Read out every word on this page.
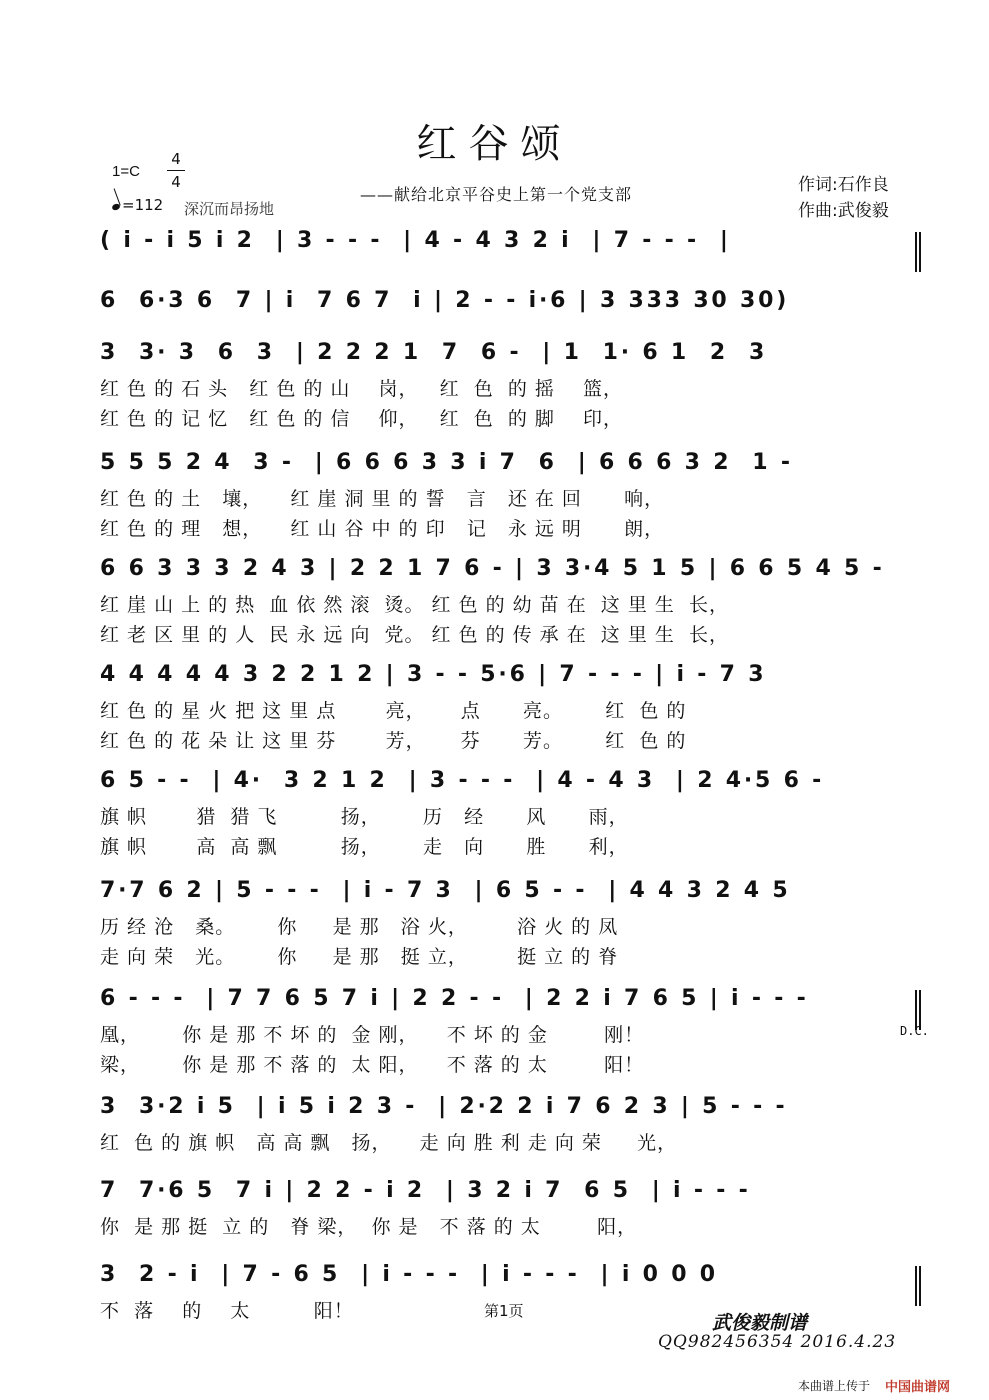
红谷颂
1=C
4
4
=112 深沉而昂扬地
——献给北京平谷史上第一个党支部	作词:石作良
作曲:武俊毅
( i - i 5 i 2  | 3 - - -  | 4 - 4 3 2 i  | 7 - - -  |
6  6·3 6  7 | i  7 6 7  i | 2 - - i·6 | 3 333 30 30)
3  3· 3  6  3  | 2 2 2 1  7  6 -  | 1  1· 6 1  2  3
红 色 的 石 头   红 色 的 山    岗，   红  色  的 摇    篮，
红 色 的 记 忆   红 色 的 信    仰，   红  色  的 脚    印，
5 5 5 2 4  3 -  | 6 6 6 3 3 i 7  6  | 6 6 6 3 2  1 -
红 色 的 土   壤，    红 崖 洞 里 的 誓   言   还 在 回      响，
红 色 的 理   想，    红 山 谷 中 的 印   记   永 远 明      朗，
6 6 3 3 3 2 4 3 | 2 2 1 7 6 - | 3 3·4 5 1 5 | 6 6 5 4 5 -
红 崖 山 上 的 热  血 依 然 滚  烫。 红 色 的 幼 苗 在  这 里 生  长，
红 老 区 里 的 人  民 永 远 向  党。 红 色 的 传 承 在  这 里 生  长，
4 4 4 4 4 3 2 2 1 2 | 3 - - 5·6 | 7 - - - | i - 7 3
红 色 的 星 火 把 这 里 点       亮，     点      亮。      红  色 的
红 色 的 花 朵 让 这 里 芬       芳，     芬      芳。      红  色 的
6 5 - -  | 4·  3 2 1 2  | 3 - - -  | 4 - 4 3  | 2 4·5 6 -
旗 帜       猎  猎 飞         扬，      历   经      风      雨，
旗 帜       高  高 飘         扬，      走   向      胜      利，
7·7 6 2 | 5 - - -  | i - 7 3  | 6 5 - -  | 4 4 3 2 4 5
历 经 沧   桑。      你     是 那   浴 火，       浴 火 的 凤
走 向 荣   光。      你     是 那   挺 立，       挺 立 的 脊
6 - - -  | 7 7 6 5 7 i | 2 2 - -  | 2 2 i 7 6 5 | i - - -
凰，      你 是 那 不 坏 的  金 刚，    不 坏 的 金        刚！
梁，      你 是 那 不 落 的  太 阳，    不 落 的 太        阳！
3  3·2 i 5  | i 5 i 2 3 -  | 2·2 2 i 7 6 2 3 | 5 - - -
红  色 的 旗 帜   高 高 飘   扬，    走 向 胜 利 走 向 荣     光，
7  7·6 5  7 i | 2 2 - i 2  | 3 2 i 7  6 5  | i - - -
你  是 那 挺  立 的   脊 梁，  你 是   不 落 的 太        阳，
3  2 - i  | 7 - 6 5  | i - - -  | i - - -  | i 0 0 0
不  落    的    太         阳！
D.C.
第1页
武俊毅制谱
QQ982456354 2016.4.23
本曲谱上传于 中国曲谱网
